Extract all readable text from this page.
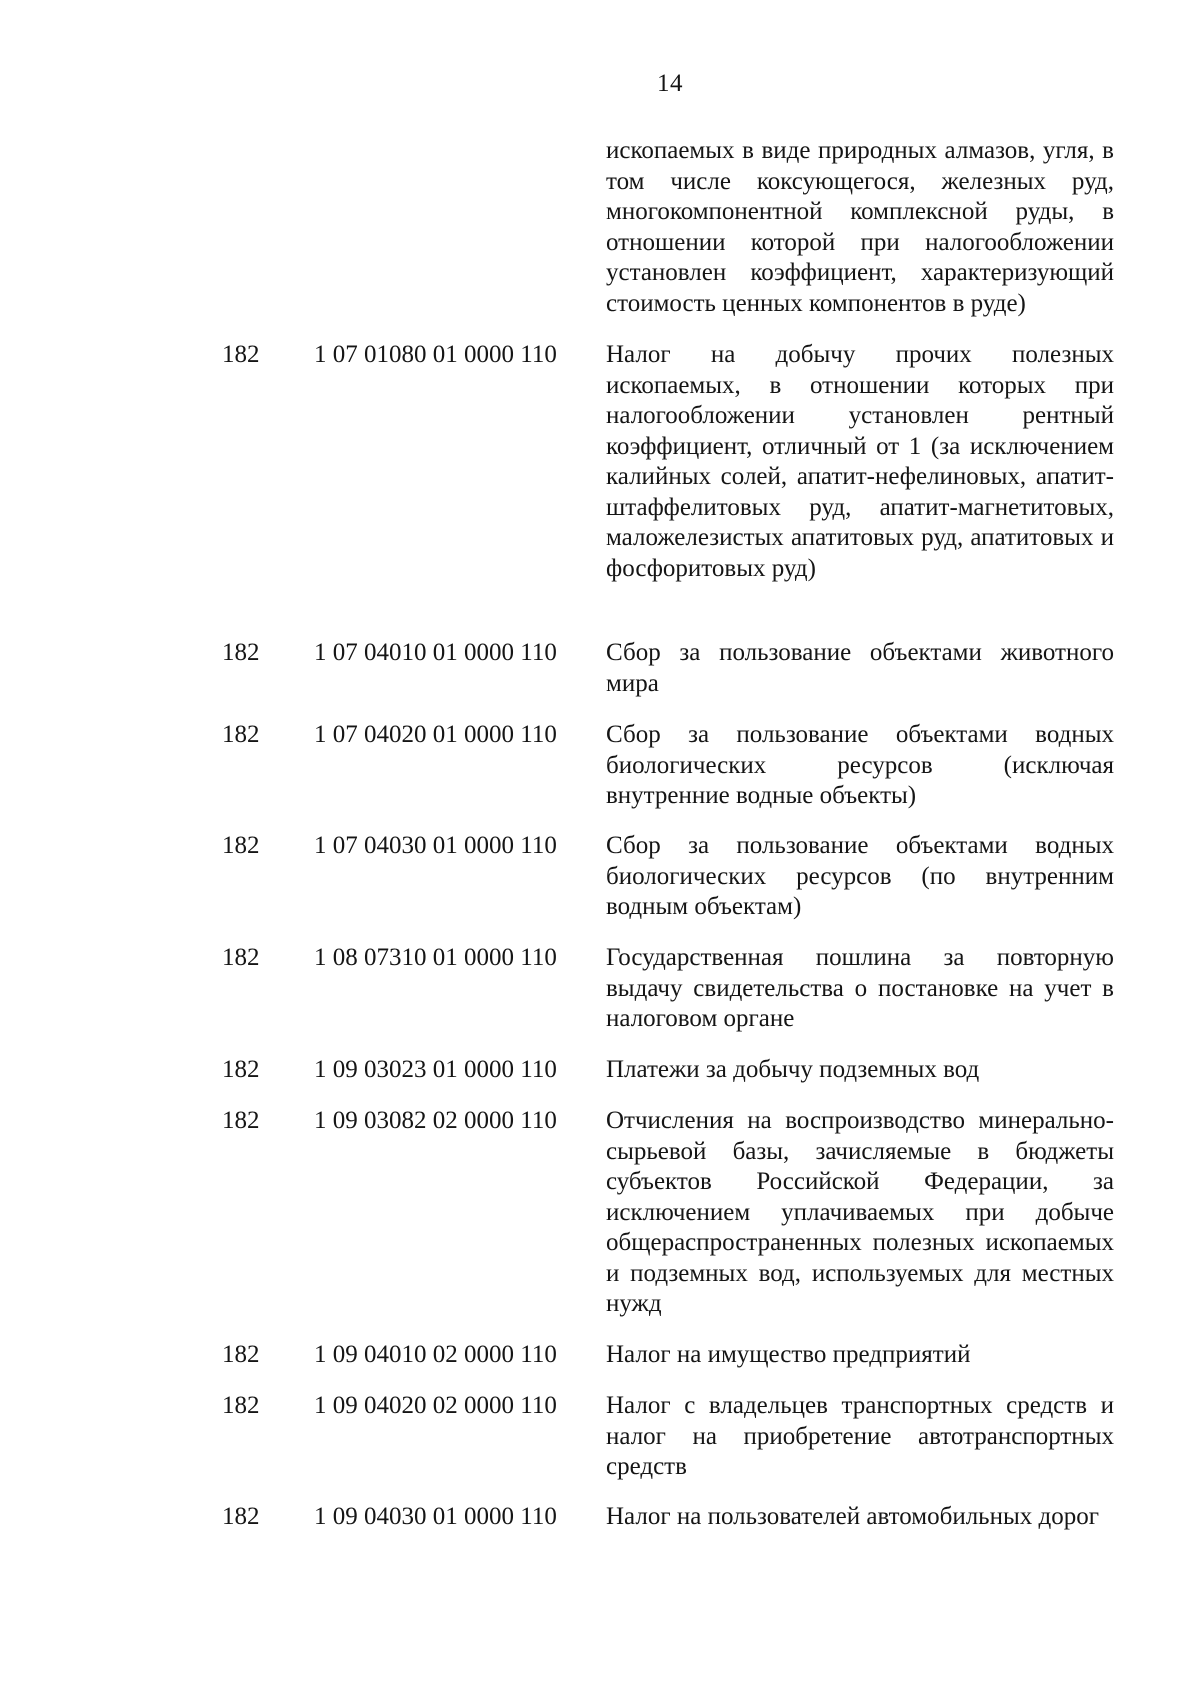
14
ископаемых в виде природных алмазов, угля, в том числе коксующегося, железных руд, многокомпонентной комплексной руды, в отношении которой при налогообложении установлен коэффициент, характеризующий стоимость ценных компонентов в руде)
182 1 07 01080 01 0000 110 Налог на добычу прочих полезных ископаемых, в отношении которых при налогообложении установлен рентный коэффициент, отличный от 1 (за исключением калийных солей, апатит-нефелиновых, апатит-штаффелитовых руд, апатит-магнетитовых, маложелезистых апатитовых руд, апатитовых и фосфоритовых руд)
182 1 07 04010 01 0000 110 Сбор за пользование объектами животного мира
182 1 07 04020 01 0000 110 Сбор за пользование объектами водных биологических ресурсов (исключая внутренние водные объекты)
182 1 07 04030 01 0000 110 Сбор за пользование объектами водных биологических ресурсов (по внутренним водным объектам)
182 1 08 07310 01 0000 110 Государственная пошлина за повторную выдачу свидетельства о постановке на учет в налоговом органе
182 1 09 03023 01 0000 110 Платежи за добычу подземных вод
182 1 09 03082 02 0000 110 Отчисления на воспроизводство минерально-сырьевой базы, зачисляемые в бюджеты субъектов Российской Федерации, за исключением уплачиваемых при добыче общераспространенных полезных ископаемых и подземных вод, используемых для местных нужд
182 1 09 04010 02 0000 110 Налог на имущество предприятий
182 1 09 04020 02 0000 110 Налог с владельцев транспортных средств и налог на приобретение автотранспортных средств
182 1 09 04030 01 0000 110 Налог на пользователей автомобильных дорог
